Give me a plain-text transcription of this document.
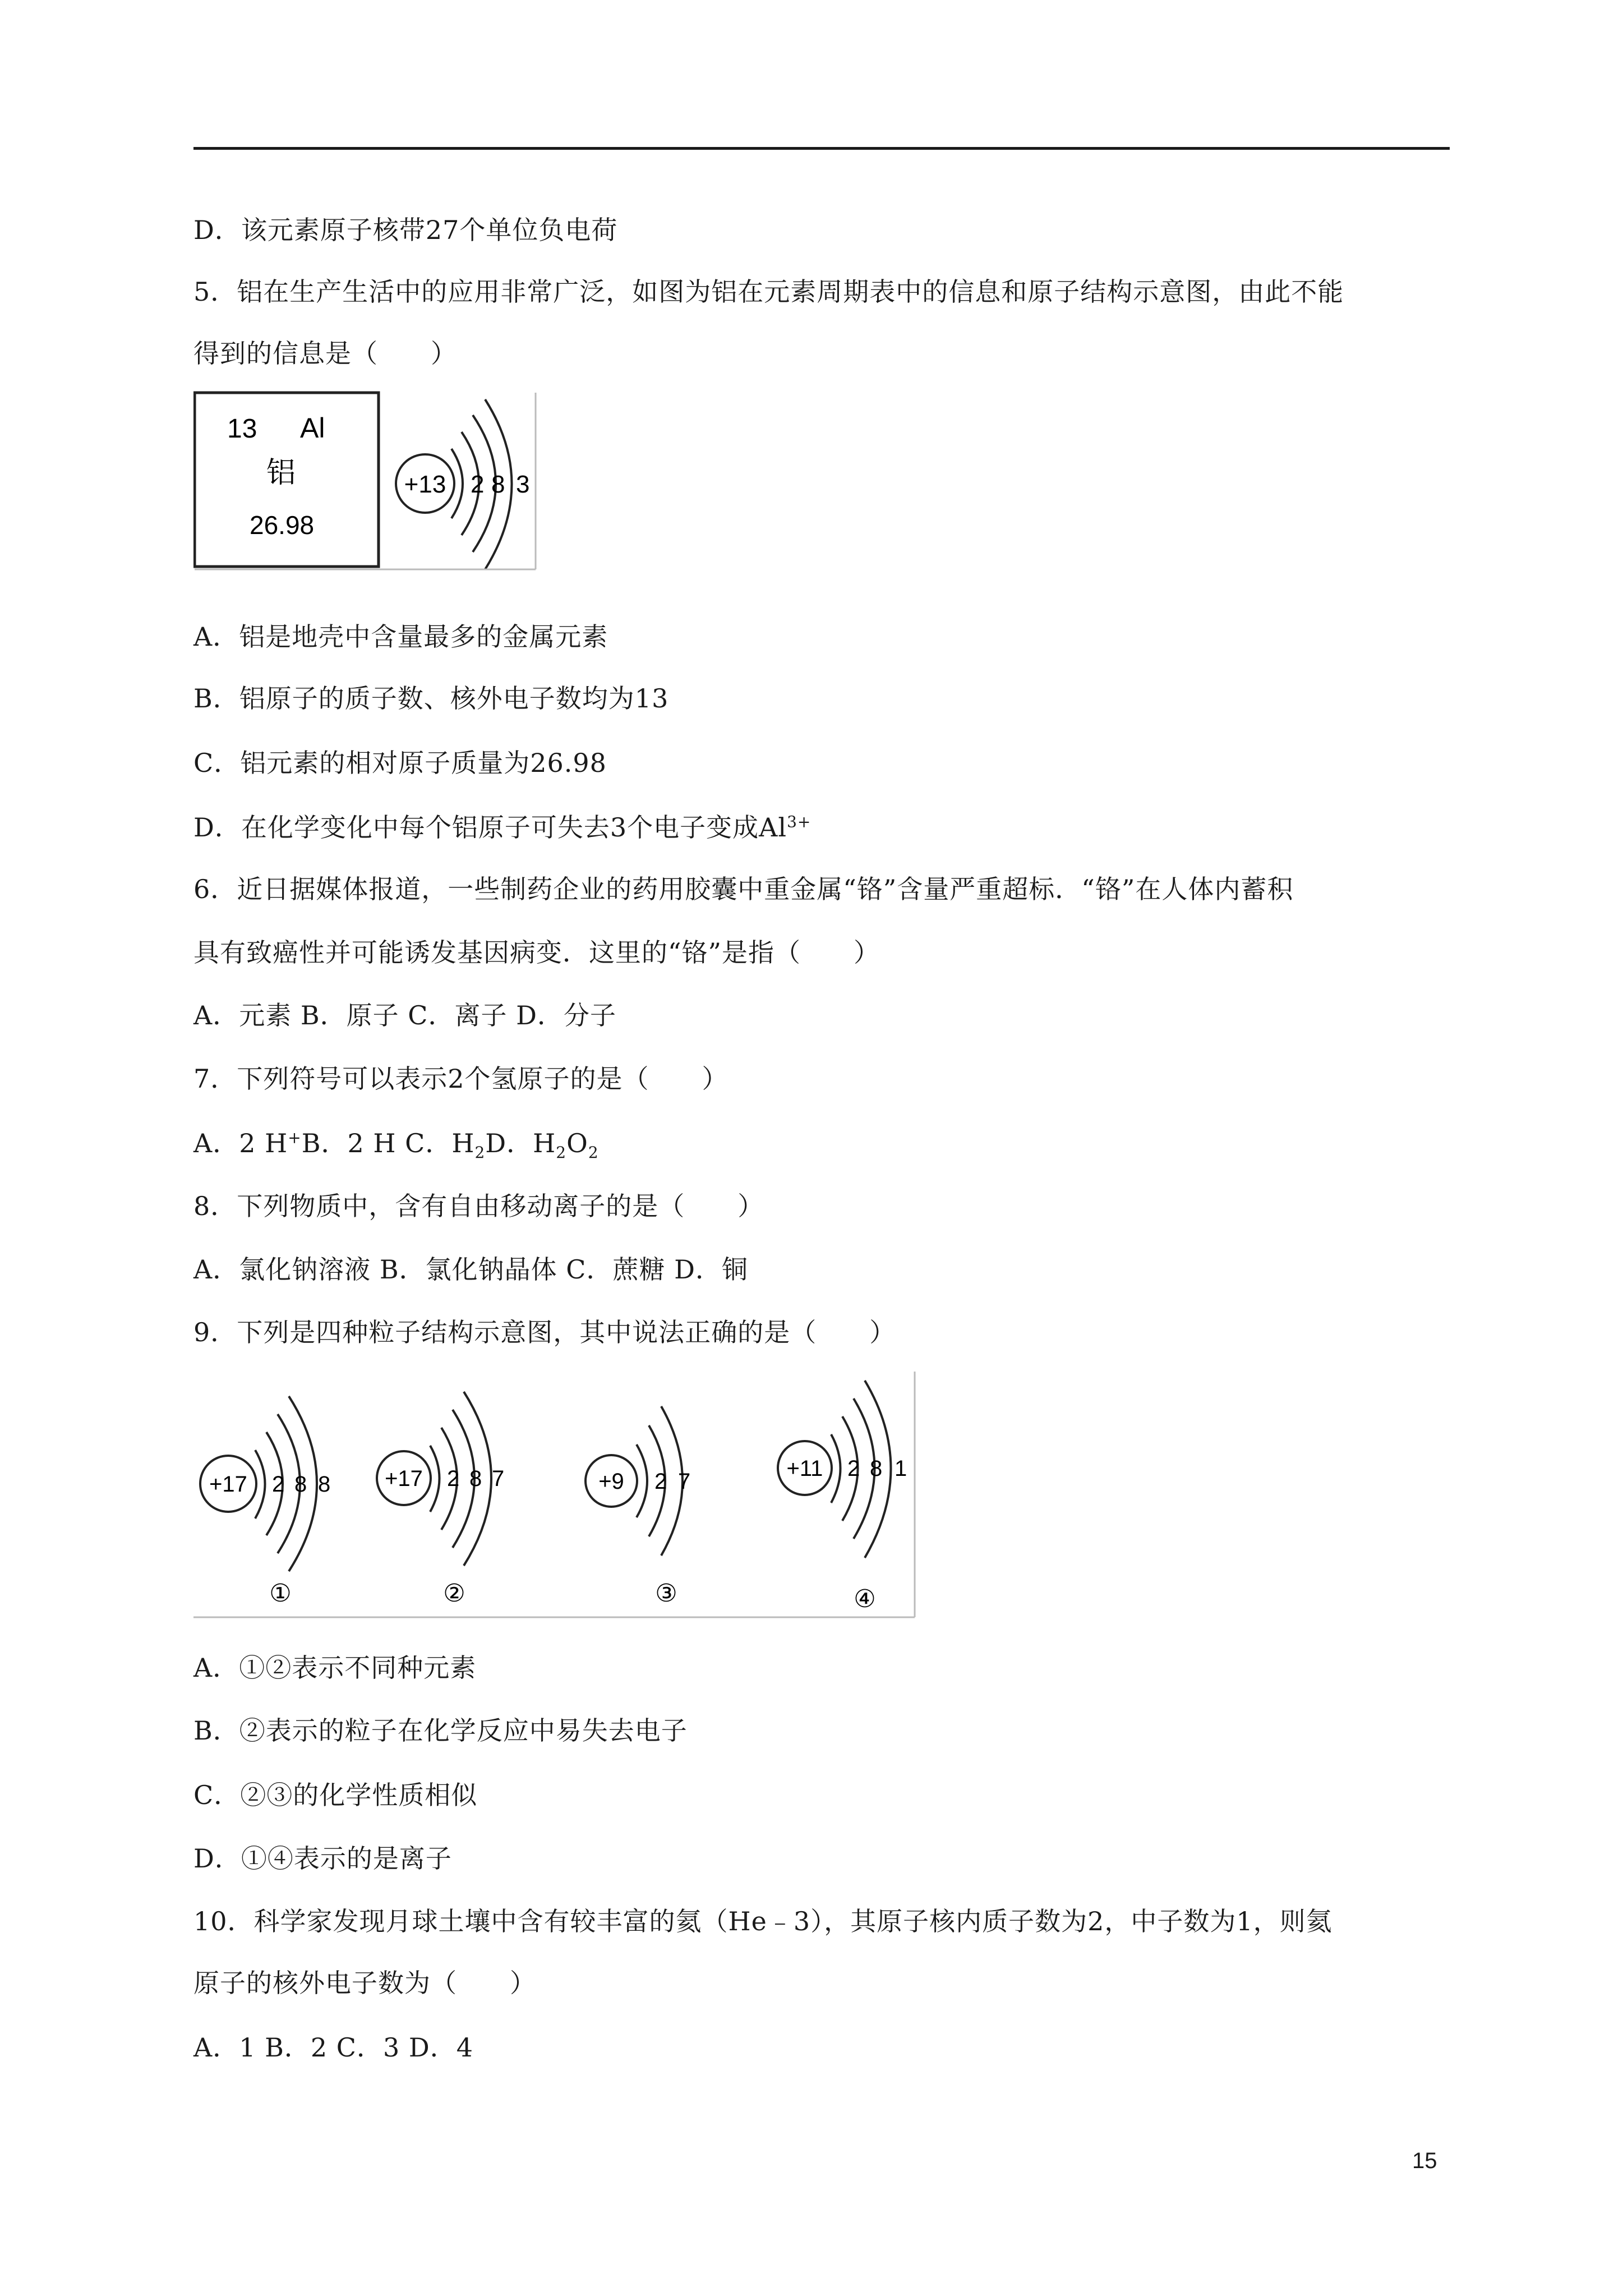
D．该元素原子核带27个单位负电荷
5．铝在生产生活中的应用非常广泛，如图为铝在元素周期表中的信息和原子结构示意图，由此不能
得到的信息是（　　）
13 Al
铝
26.98
+13 2 8 3
A．铝是地壳中含量最多的金属元素
B．铝原子的质子数、核外电子数均为13
C．铝元素的相对原子质量为26.98
D．在化学变化中每个铝原子可失去3个电子变成$Al^{3+}$
6．近日据媒体报道，一些制药企业的药用胶囊中重金属“铬”含量严重超标．“铬”在人体内蓄积
具有致癌性并可能诱发基因病变．这里的“铬”是指（　　）
A．元素 B．原子 C．离子 D．分子
7．下列符号可以表示2个氢原子的是（　　）
A．2 H+B．2 H C．$H_2D$．$H_2O_2$
8．下列物质中，含有自由移动离子的是（　　）
A．氯化钠溶液 B．氯化钠晶体 C．蔗糖 D．铜
9．下列是四种粒子结构示意图，其中说法正确的是（　　）
+17 2 8 8
①
+17 2 8 7
②
+9 2 7
③
+11 2 8 1
④
A．①②表示不同种元素
B．②表示的粒子在化学反应中易失去电子
C．②③的化学性质相似
D．①④表示的是离子
10．科学家发现月球土壤中含有较丰富的氦（He﹣3），其原子核内质子数为2，中子数为1，则氦
原子的核外电子数为（　　）
A．1 B．2 C．3 D．4
15
